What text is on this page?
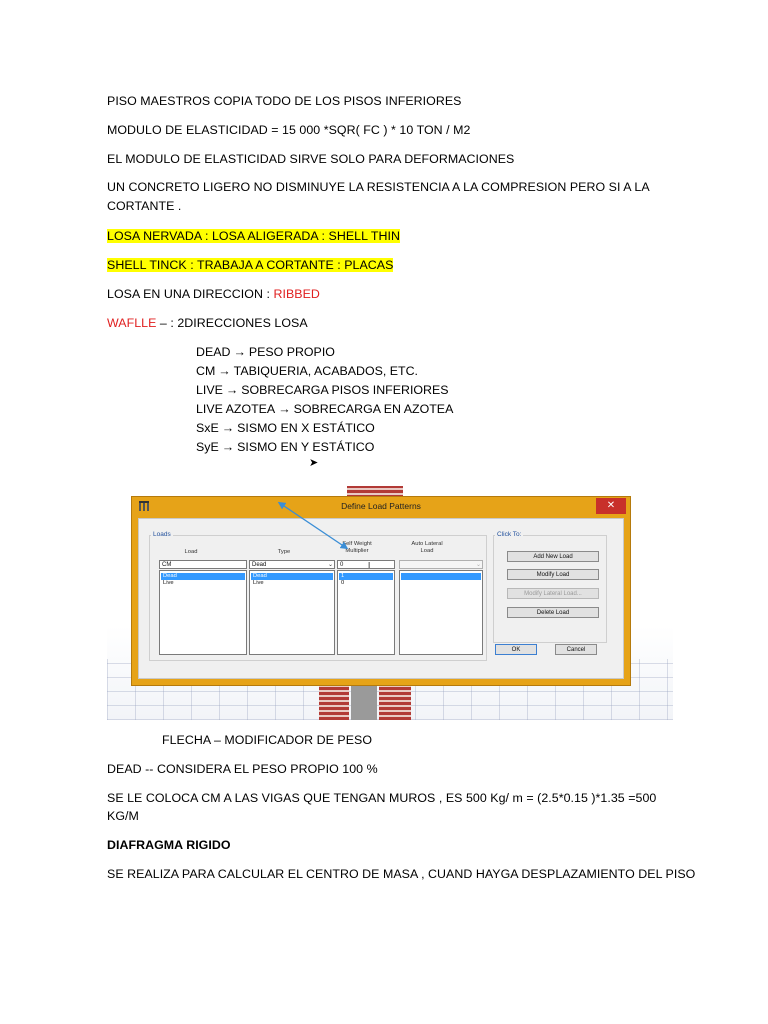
PISO MAESTROS COPIA TODO DE LOS PISOS INFERIORES
MODULO DE ELASTICIDAD = 15 000 *SQR( FC ) * 10 TON / M2
EL MODULO DE ELASTICIDAD SIRVE SOLO PARA DEFORMACIONES
UN CONCRETO LIGERO NO DISMINUYE LA RESISTENCIA A LA COMPRESION PERO SI A LA
CORTANTE .
LOSA NERVADA : LOSA ALIGERADA : SHELL THIN
SHELL TINCK : TRABAJA A CORTANTE : PLACAS
LOSA EN UNA DIRECCION : RIBBED
WAFLLE – : 2DIRECCIONES LOSA
DEAD → PESO PROPIO
CM → TABIQUERIA, ACABADOS, ETC.
LIVE → SOBRECARGA PISOS INFERIORES
LIVE AZOTEA → SOBRECARGA EN AZOTEA
SxE → SISMO EN X ESTÁTICO
SyE → SISMO EN Y ESTÁTICO
➤
Define Load Patterns	✕
Loads	Click To:
Load	Type
Self Weight Multiplier
Auto Lateral Load
CM	Dead	⌄	0	I	⌄
Dead
Live
Dead
Live
1
0
Add New Load
Modify Load
Modify Lateral Load...
Delete Load
OK	Cancel
FLECHA – MODIFICADOR DE PESO
DEAD -- CONSIDERA EL PESO PROPIO 100 %
SE LE COLOCA CM A LAS VIGAS QUE TENGAN MUROS , ES 500 Kg/ m = (2.5*0.15 )*1.35 =500
KG/M
DIAFRAGMA RIGIDO
SE REALIZA PARA CALCULAR EL CENTRO DE MASA , CUAND HAYGA DESPLAZAMIENTO DEL PISO
